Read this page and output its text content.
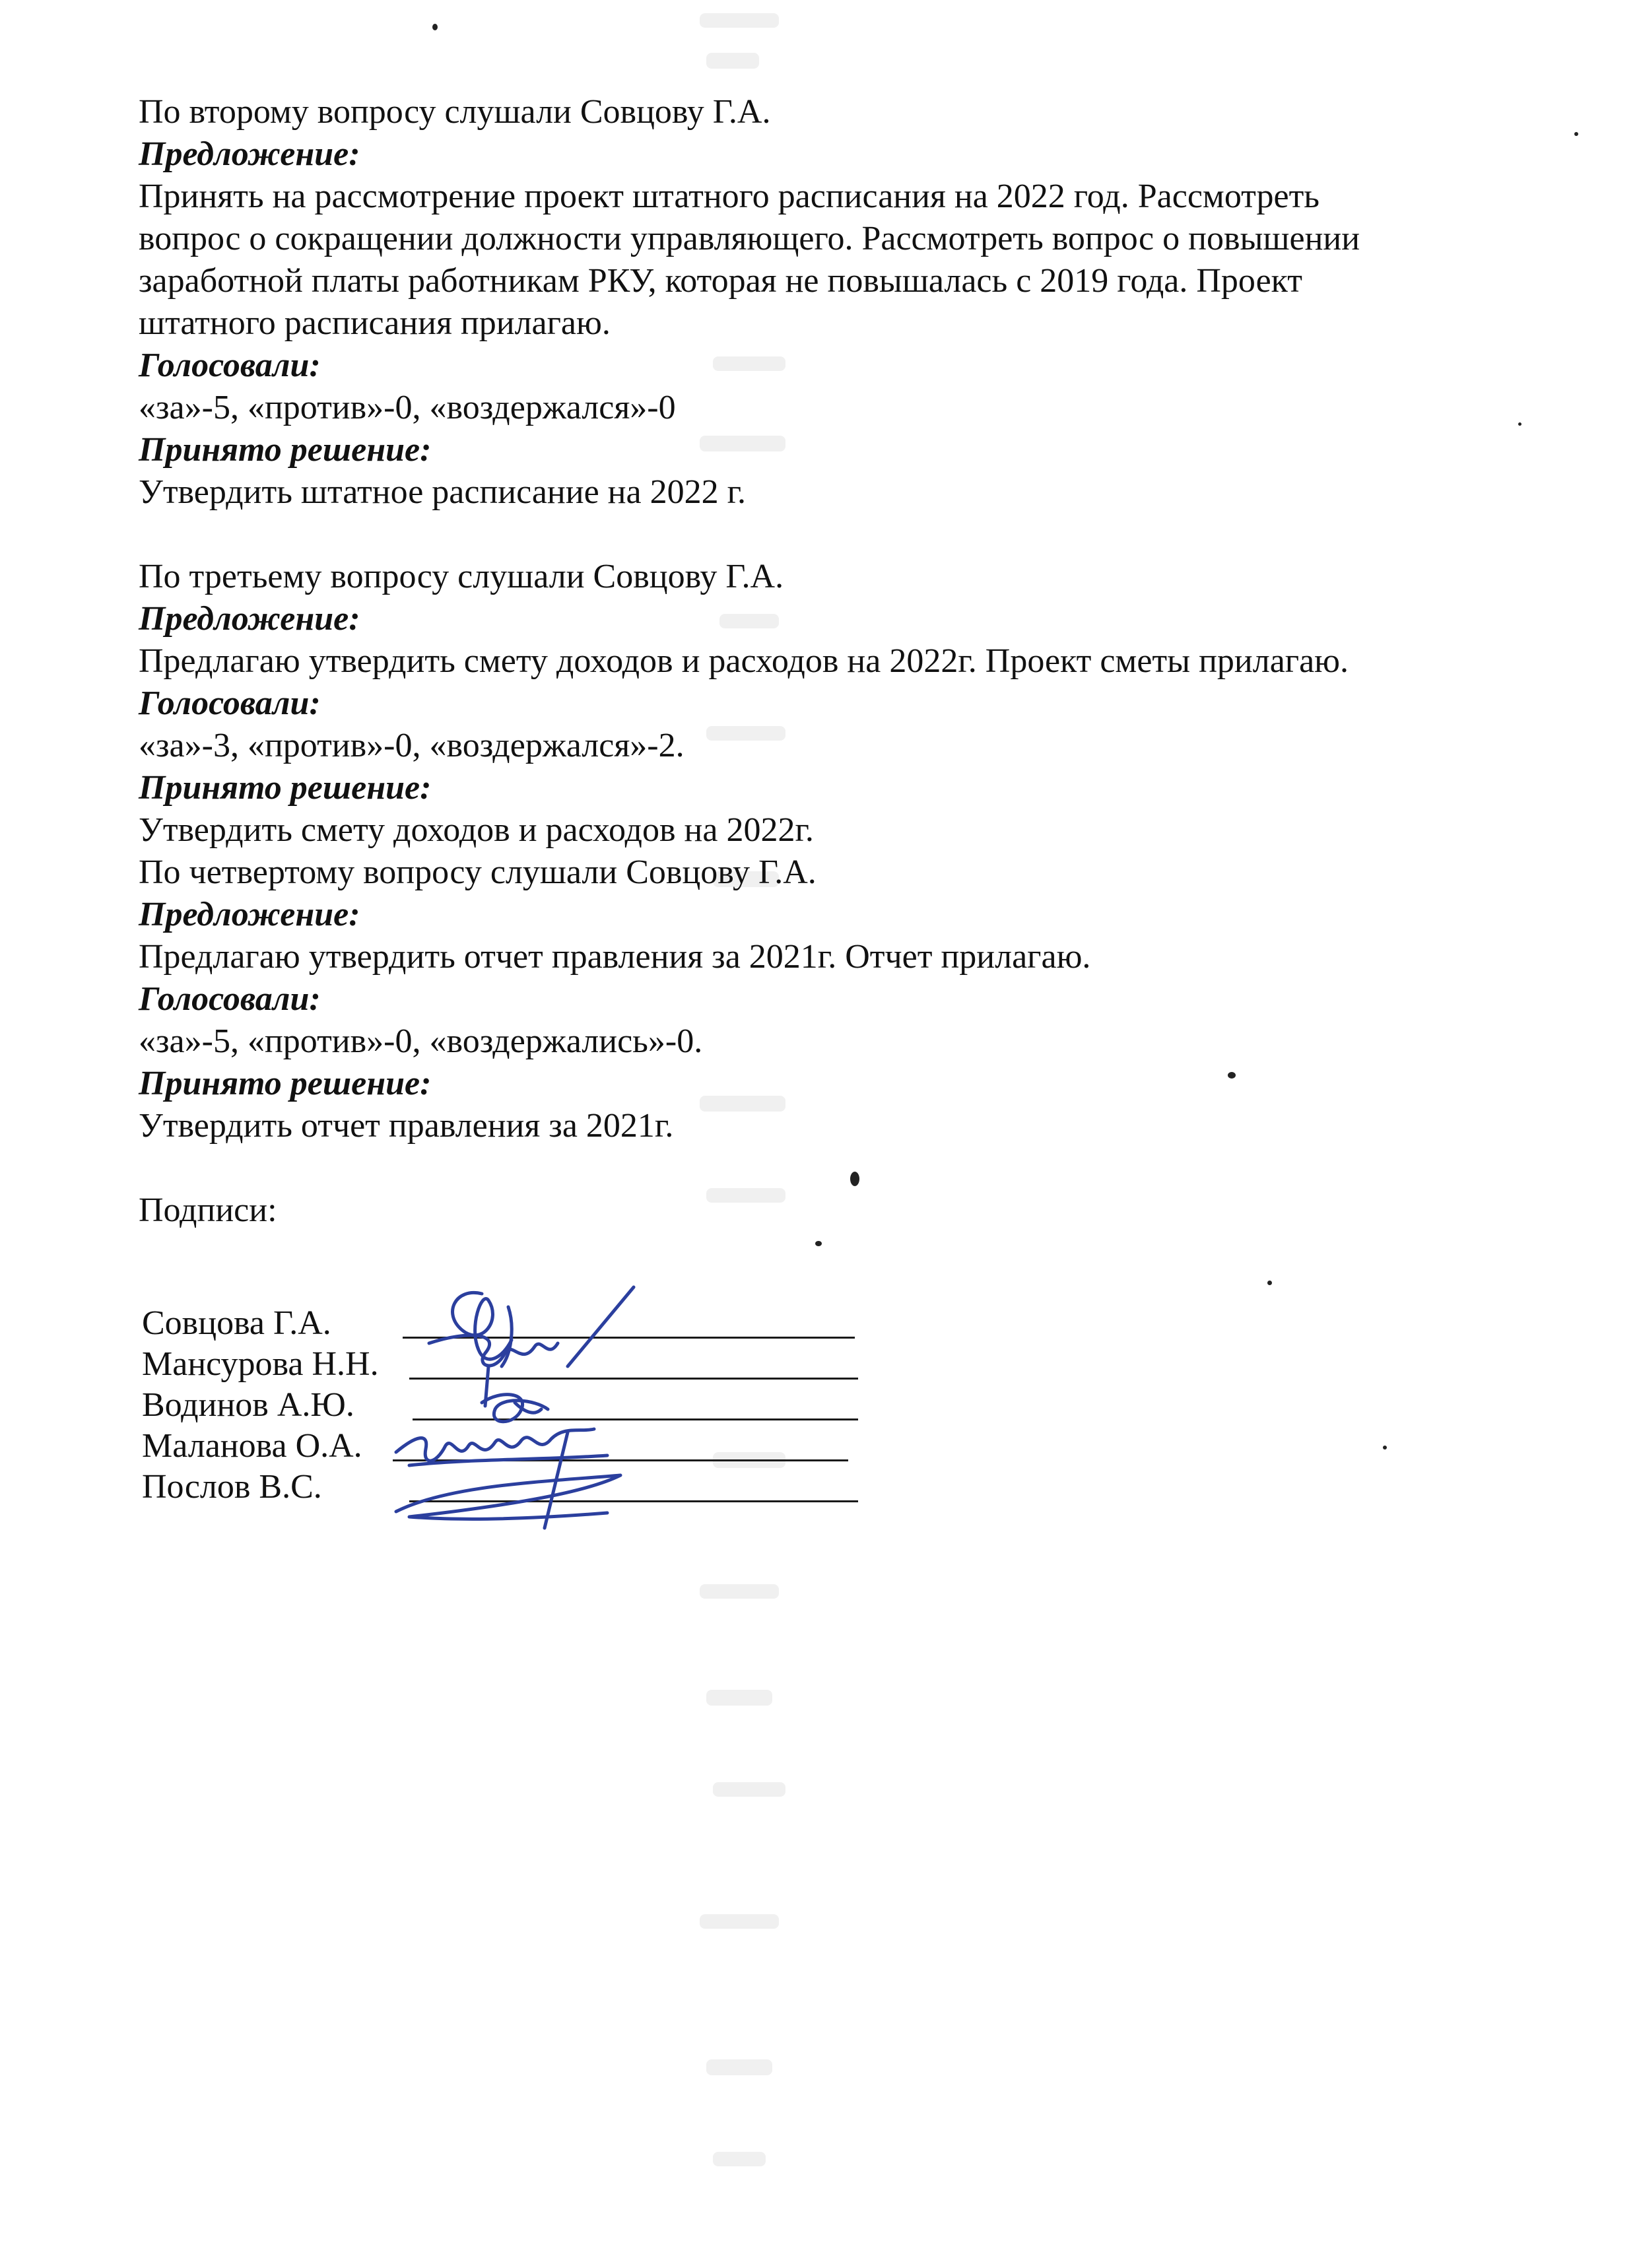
По второму вопросу слушали Совцову Г.А.
Предложение:
Принять на рассмотрение проект штатного расписания на 2022 год. Рассмотреть
вопрос о сокращении должности управляющего. Рассмотреть вопрос о повышении
заработной платы работникам РКУ, которая не повышалась с 2019 года. Проект
штатного расписания прилагаю.
Голосовали:
«за»-5, «против»-0, «воздержался»-0
Принято решение:
Утвердить штатное расписание на 2022 г.
По третьему вопросу слушали Совцову Г.А.
Предложение:
Предлагаю утвердить смету доходов и расходов на 2022г. Проект сметы прилагаю.
Голосовали:
«за»-3, «против»-0, «воздержался»-2.
Принято решение:
Утвердить смету доходов и расходов на 2022г.
По четвертому вопросу слушали Совцову Г.А.
Предложение:
Предлагаю утвердить отчет правления за 2021г. Отчет прилагаю.
Голосовали:
«за»-5, «против»-0, «воздержались»-0.
Принято решение:
Утвердить отчет правления за 2021г.
Подписи:
Совцова Г.А.
Мансурова Н.Н.
Водинов А.Ю.
Маланова О.А.
Послов В.С.
